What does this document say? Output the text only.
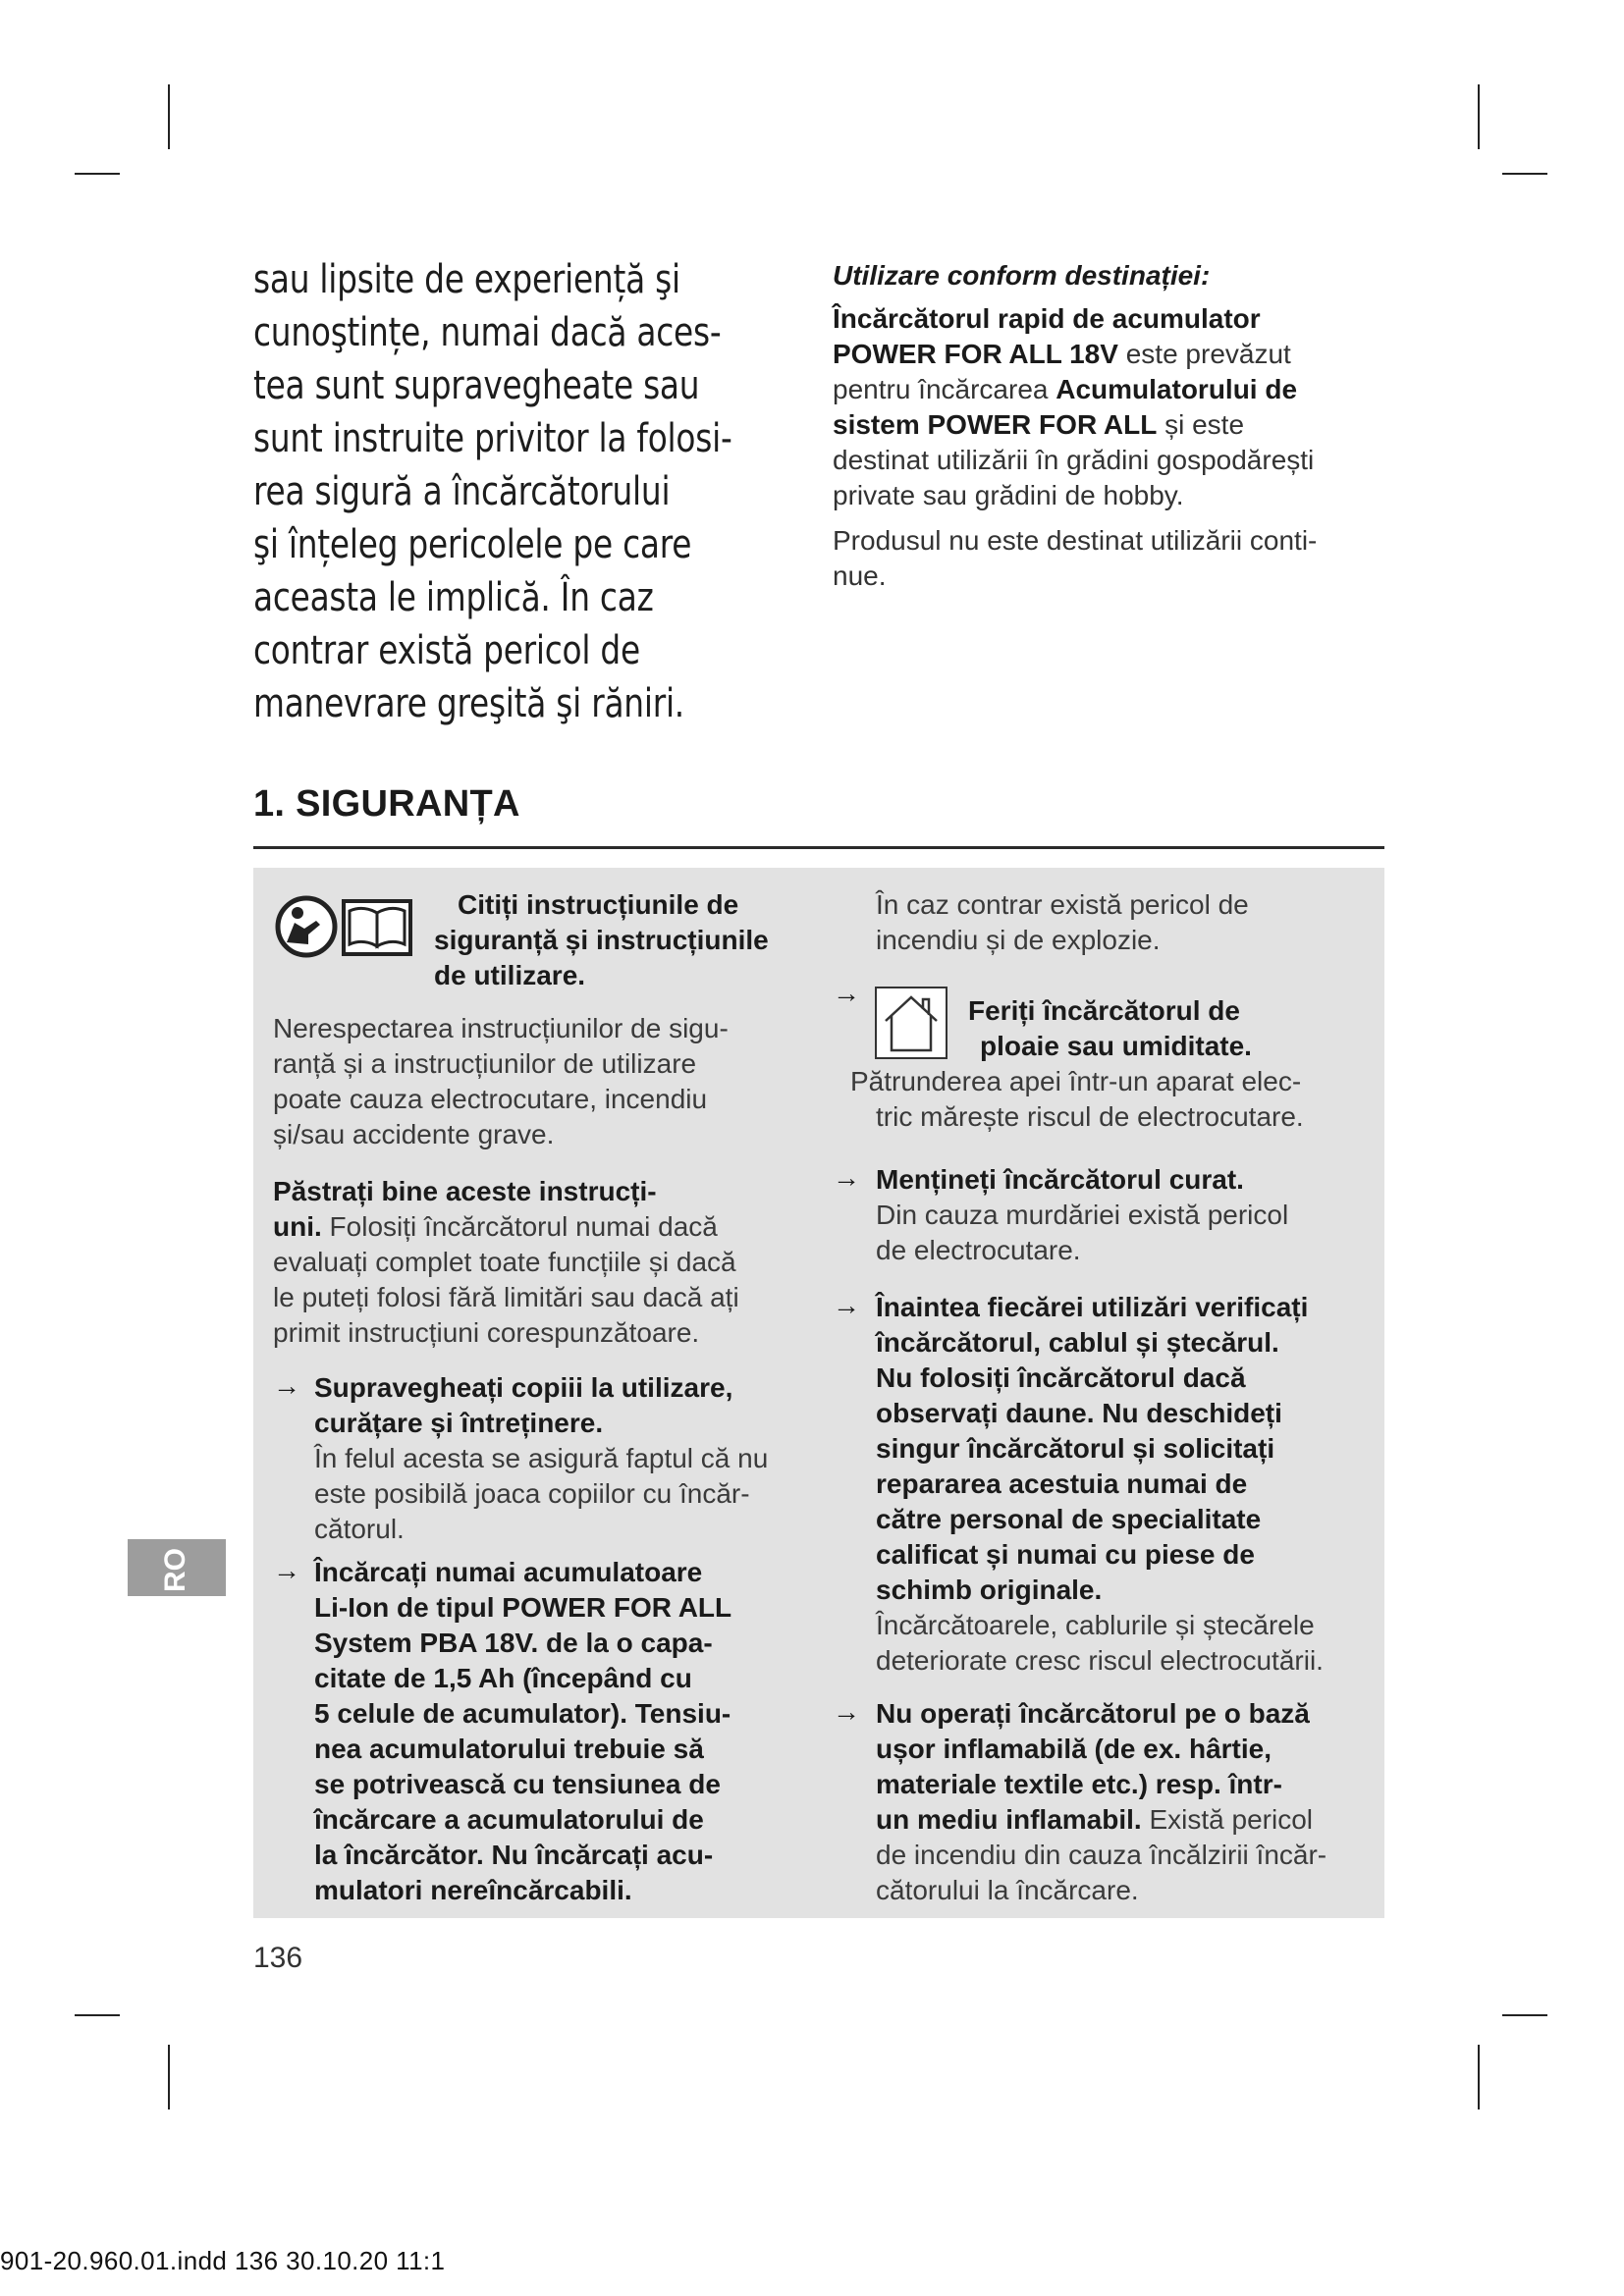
sau lipsite de experiență şi
cunoştințe, numai dacă aces-
tea sunt supravegheate sau
sunt instruite privitor la folosi-
rea sigură a încărcătorului
şi înțeleg pericolele pe care
aceasta le implică. În caz
contrar există pericol de
manevrare greşită şi răniri.
Utilizare conform destinației:

Încărcătorul rapid de acumulator
POWER FOR ALL 18V este prevăzut
pentru încărcarea Acumulatorului de
sistem POWER FOR ALL și este
destinat utilizării în grădini gospodărești
private sau grădini de hobby.

Produsul nu este destinat utilizării conti-
nue.

1. SIGURANȚA
Citiți instrucțiunile de
siguranță și instrucțiunile
de utilizare.
Nerespectarea instrucțiunilor de sigu-
ranță și a instrucțiunilor de utilizare
poate cauza electrocutare, incendiu
și/sau accidente grave.
Păstrați bine aceste instrucți-
uni. Folosiți încărcătorul numai dacă
evaluați complet toate funcțiile și dacă
le puteți folosi fără limitări sau dacă ați
primit instrucțiuni corespunzătoare.
→ Supravegheați copiii la utilizare,
curățare și întreținere.
În felul acesta se asigură faptul că nu
este posibilă joaca copiilor cu încăr-
cătorul.
→ Încărcați numai acumulatoare
Li-Ion de tipul POWER FOR ALL
System PBA 18V. de la o capa-
citate de 1,5 Ah (începând cu
5 celule de acumulator). Tensiu-
nea acumulatorului trebuie să
se potrivească cu tensiunea de
încărcare a acumulatorului de
la încărcător. Nu încărcați acu-
mulatori nereîncărcabili.
În caz contrar există pericol de
incendiu și de explozie.
→
Feriți încărcătorul de
ploaie sau umiditate.
Pătrunderea apei într-un aparat elec-
tric mărește riscul de electrocutare.
→ Mențineți încărcătorul curat.
Din cauza murdăriei există pericol
de electrocutare.
→ Înaintea fiecărei utilizări verificați
încărcătorul, cablul și ștecărul.
Nu folosiți încărcătorul dacă
observați daune. Nu deschideți
singur încărcătorul și solicitați
repararea acestuia numai de
către personal de specialitate
calificat și numai cu piese de
schimb originale.
Încărcătoarele, cablurile și ștecărele
deteriorate cresc riscul electrocutării.
→ Nu operați încărcătorul pe o bază
ușor inflamabilă (de ex. hârtie,
materiale textile etc.) resp. într-
un mediu inflamabil. Există pericol
de incendiu din cauza încălzirii încăr-
cătorului la încărcare.
RO
136
901-20.960.01.indd 136 30.10.20 11:1
